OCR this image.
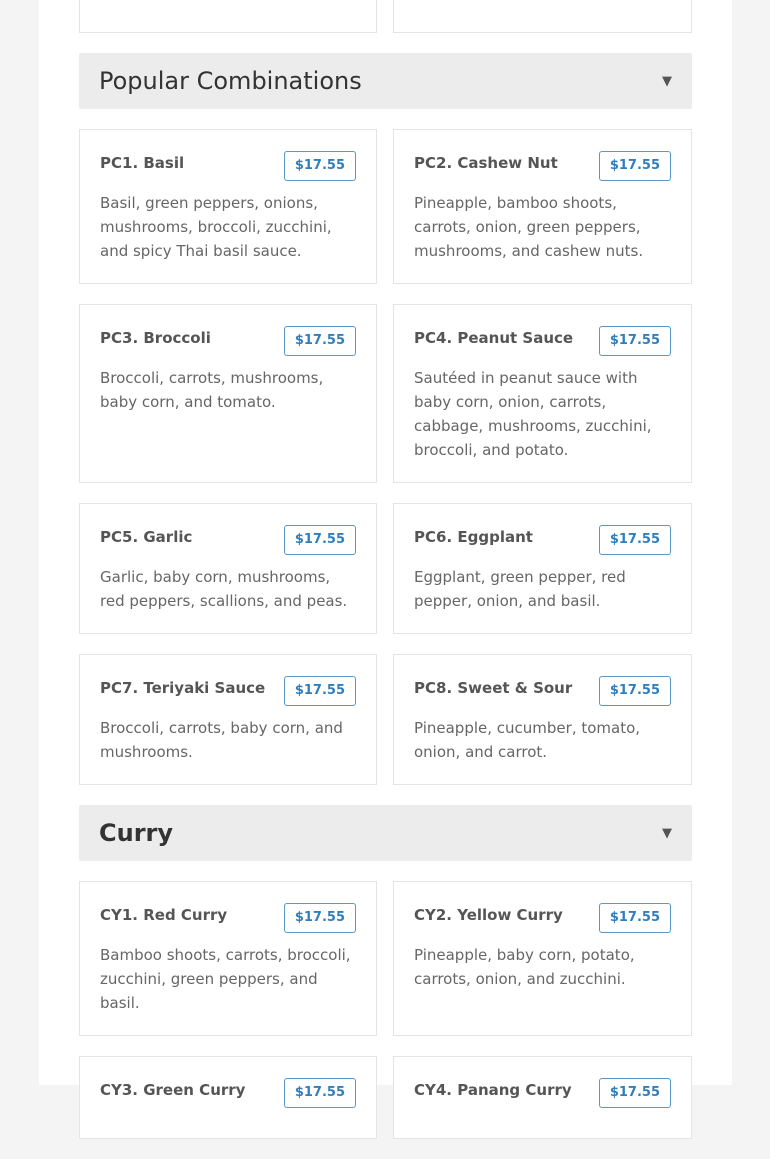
Popular Combinations	▼
PC1. Basil	$17.55
Basil, green peppers, onions, mushrooms, broccoli, zucchini, and spicy Thai basil sauce.
PC2. Cashew Nut	$17.55
Pineapple, bamboo shoots, carrots, onion, green peppers, mushrooms, and cashew nuts.
PC3. Broccoli	$17.55
Broccoli, carrots, mushrooms, baby corn, and tomato.
PC4. Peanut Sauce	$17.55
Sautéed in peanut sauce with baby corn, onion, carrots, cabbage, mushrooms, zucchini, broccoli, and potato.
PC5. Garlic	$17.55
Garlic, baby corn, mushrooms, red peppers, scallions, and peas.
PC6. Eggplant	$17.55
Eggplant, green pepper, red pepper, onion, and basil.
PC7. Teriyaki Sauce	$17.55
Broccoli, carrots, baby corn, and mushrooms.
PC8. Sweet & Sour	$17.55
Pineapple, cucumber, tomato, onion, and carrot.
Curry	▼
CY1. Red Curry	$17.55
Bamboo shoots, carrots, broccoli, zucchini, green peppers, and basil.
CY2. Yellow Curry	$17.55
Pineapple, baby corn, potato, carrots, onion, and zucchini.
CY3. Green Curry	$17.55	CY4. Panang Curry	$17.55
